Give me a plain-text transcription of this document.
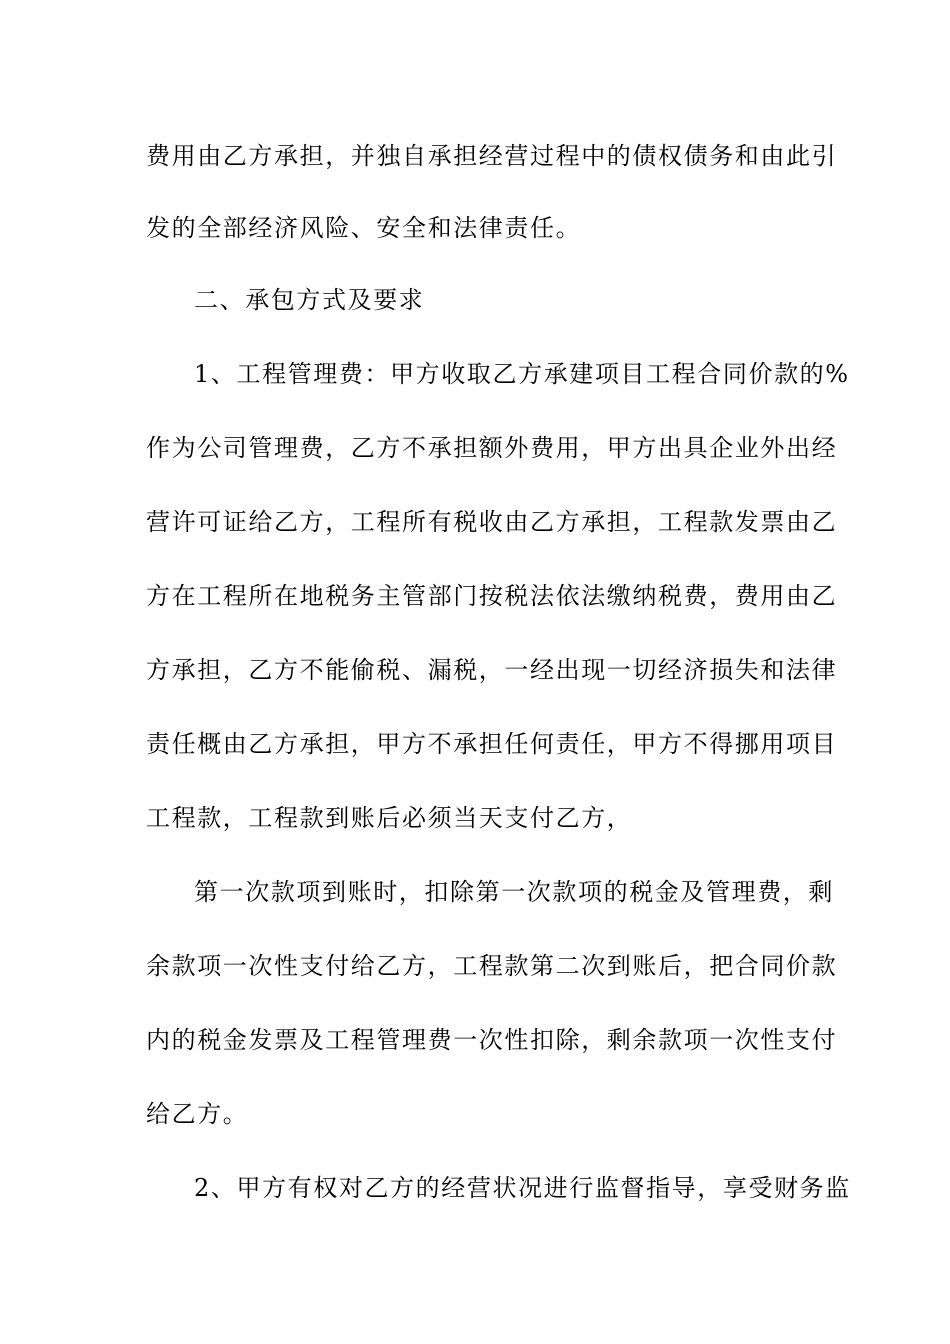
费用由乙方承担，并独自承担经营过程中的债权债务和由此引
发的全部经济风险、安全和法律责任。
二、承包方式及要求
1、工程管理费：甲方收取乙方承建项目工程合同价款的%
作为公司管理费，乙方不承担额外费用，甲方出具企业外出经
营许可证给乙方，工程所有税收由乙方承担，工程款发票由乙
方在工程所在地税务主管部门按税法依法缴纳税费，费用由乙
方承担，乙方不能偷税、漏税，一经出现一切经济损失和法律
责任概由乙方承担，甲方不承担任何责任，甲方不得挪用项目
工程款，工程款到账后必须当天支付乙方，
第一次款项到账时，扣除第一次款项的税金及管理费，剩
余款项一次性支付给乙方，工程款第二次到账后，把合同价款
内的税金发票及工程管理费一次性扣除，剩余款项一次性支付
给乙方。
2、甲方有权对乙方的经营状况进行监督指导，享受财务监
